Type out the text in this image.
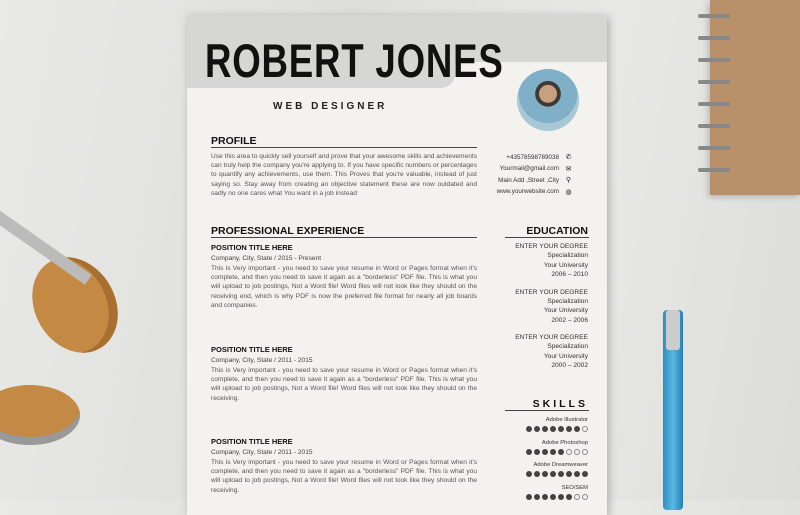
ROBERT JONES
WEB DESIGNER
PROFILE
Use this area to quickly sell yourself and prove that your awesome skills and achievements can truly help the company you're applying to. If you have specific numbers or percentages to quantify any achievements, use them. This Proves that you're valuable, instead of just saying so. Stay away from creating an objective statement these are now outdated and sadly no one cares what You want in a job instead
+43578598789038 ✆
Yourmail@gmail.com ✉
Main Add ,Street ,City ⚲
www.yourwebsite.com ◍
PROFESSIONAL EXPERIENCE
POSITION TITLE HERE
Company, City, State / 2015 - Present
This is Very important - you need to save your resume in Word or Pages format when it's complete, and then you need to save it again as a "borderless" PDF file. This is what you will upload to job postings, Not a Word file! Word files will not look like they should on the receiving end, which is why PDF is now the preferred file format for nearly all job boards and companies.
POSITION TITLE HERE
Company, City, State / 2011 - 2015
This is Very important - you need to save your resume in Word or Pages format when it's complete, and then you need to save it again as a "borderless" PDF file. This is what you will upload to job postings, Not a Word file! Word files will not look like they should on the receiving.
POSITION TITLE HERE
Company, City, State / 2011 - 2015
This is Very important - you need to save your resume in Word or Pages format when it's complete, and then you need to save it again as a "borderless" PDF file. This is what you will upload to job postings, Not a Word file! Word files will not look like they should on the receiving.
EDUCATION
ENTER YOUR DEGREE
Specialization
Your University
2006 – 2010
ENTER YOUR DEGREE
Specialization
Your University
2002 – 2006
ENTER YOUR DEGREE
Specialization
Your University
2000 – 2002
SKILLS
Adobe Illustrator
Adobe Photoshop
Adobe Dreamweaver
SEO/SEM
